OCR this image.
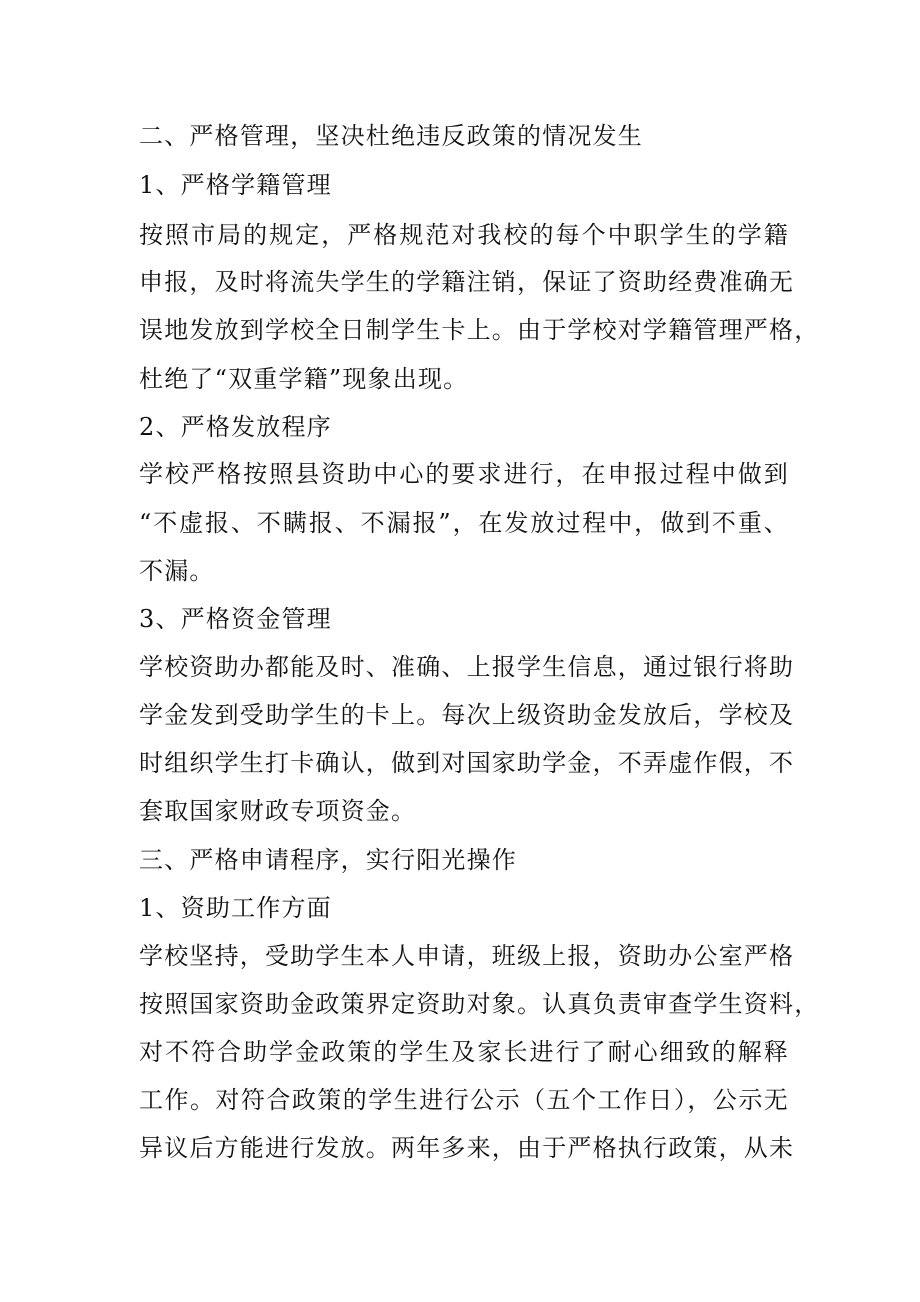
二、严格管理，坚决杜绝违反政策的情况发生
1、严格学籍管理
按照市局的规定，严格规范对我校的每个中职学生的学籍
申报，及时将流失学生的学籍注销，保证了资助经费准确无
误地发放到学校全日制学生卡上。由于学校对学籍管理严格，
杜绝了“双重学籍”现象出现。
2、严格发放程序
学校严格按照县资助中心的要求进行，在申报过程中做到
“不虚报、不瞒报、不漏报”，在发放过程中，做到不重、
不漏。
3、严格资金管理
学校资助办都能及时、准确、上报学生信息，通过银行将助
学金发到受助学生的卡上。每次上级资助金发放后，学校及
时组织学生打卡确认，做到对国家助学金，不弄虚作假，不
套取国家财政专项资金。
三、严格申请程序，实行阳光操作
1、资助工作方面
学校坚持，受助学生本人申请，班级上报，资助办公室严格
按照国家资助金政策界定资助对象。认真负责审查学生资料，
对不符合助学金政策的学生及家长进行了耐心细致的解释
工作。对符合政策的学生进行公示（五个工作日），公示无
异议后方能进行发放。两年多来，由于严格执行政策，从未
